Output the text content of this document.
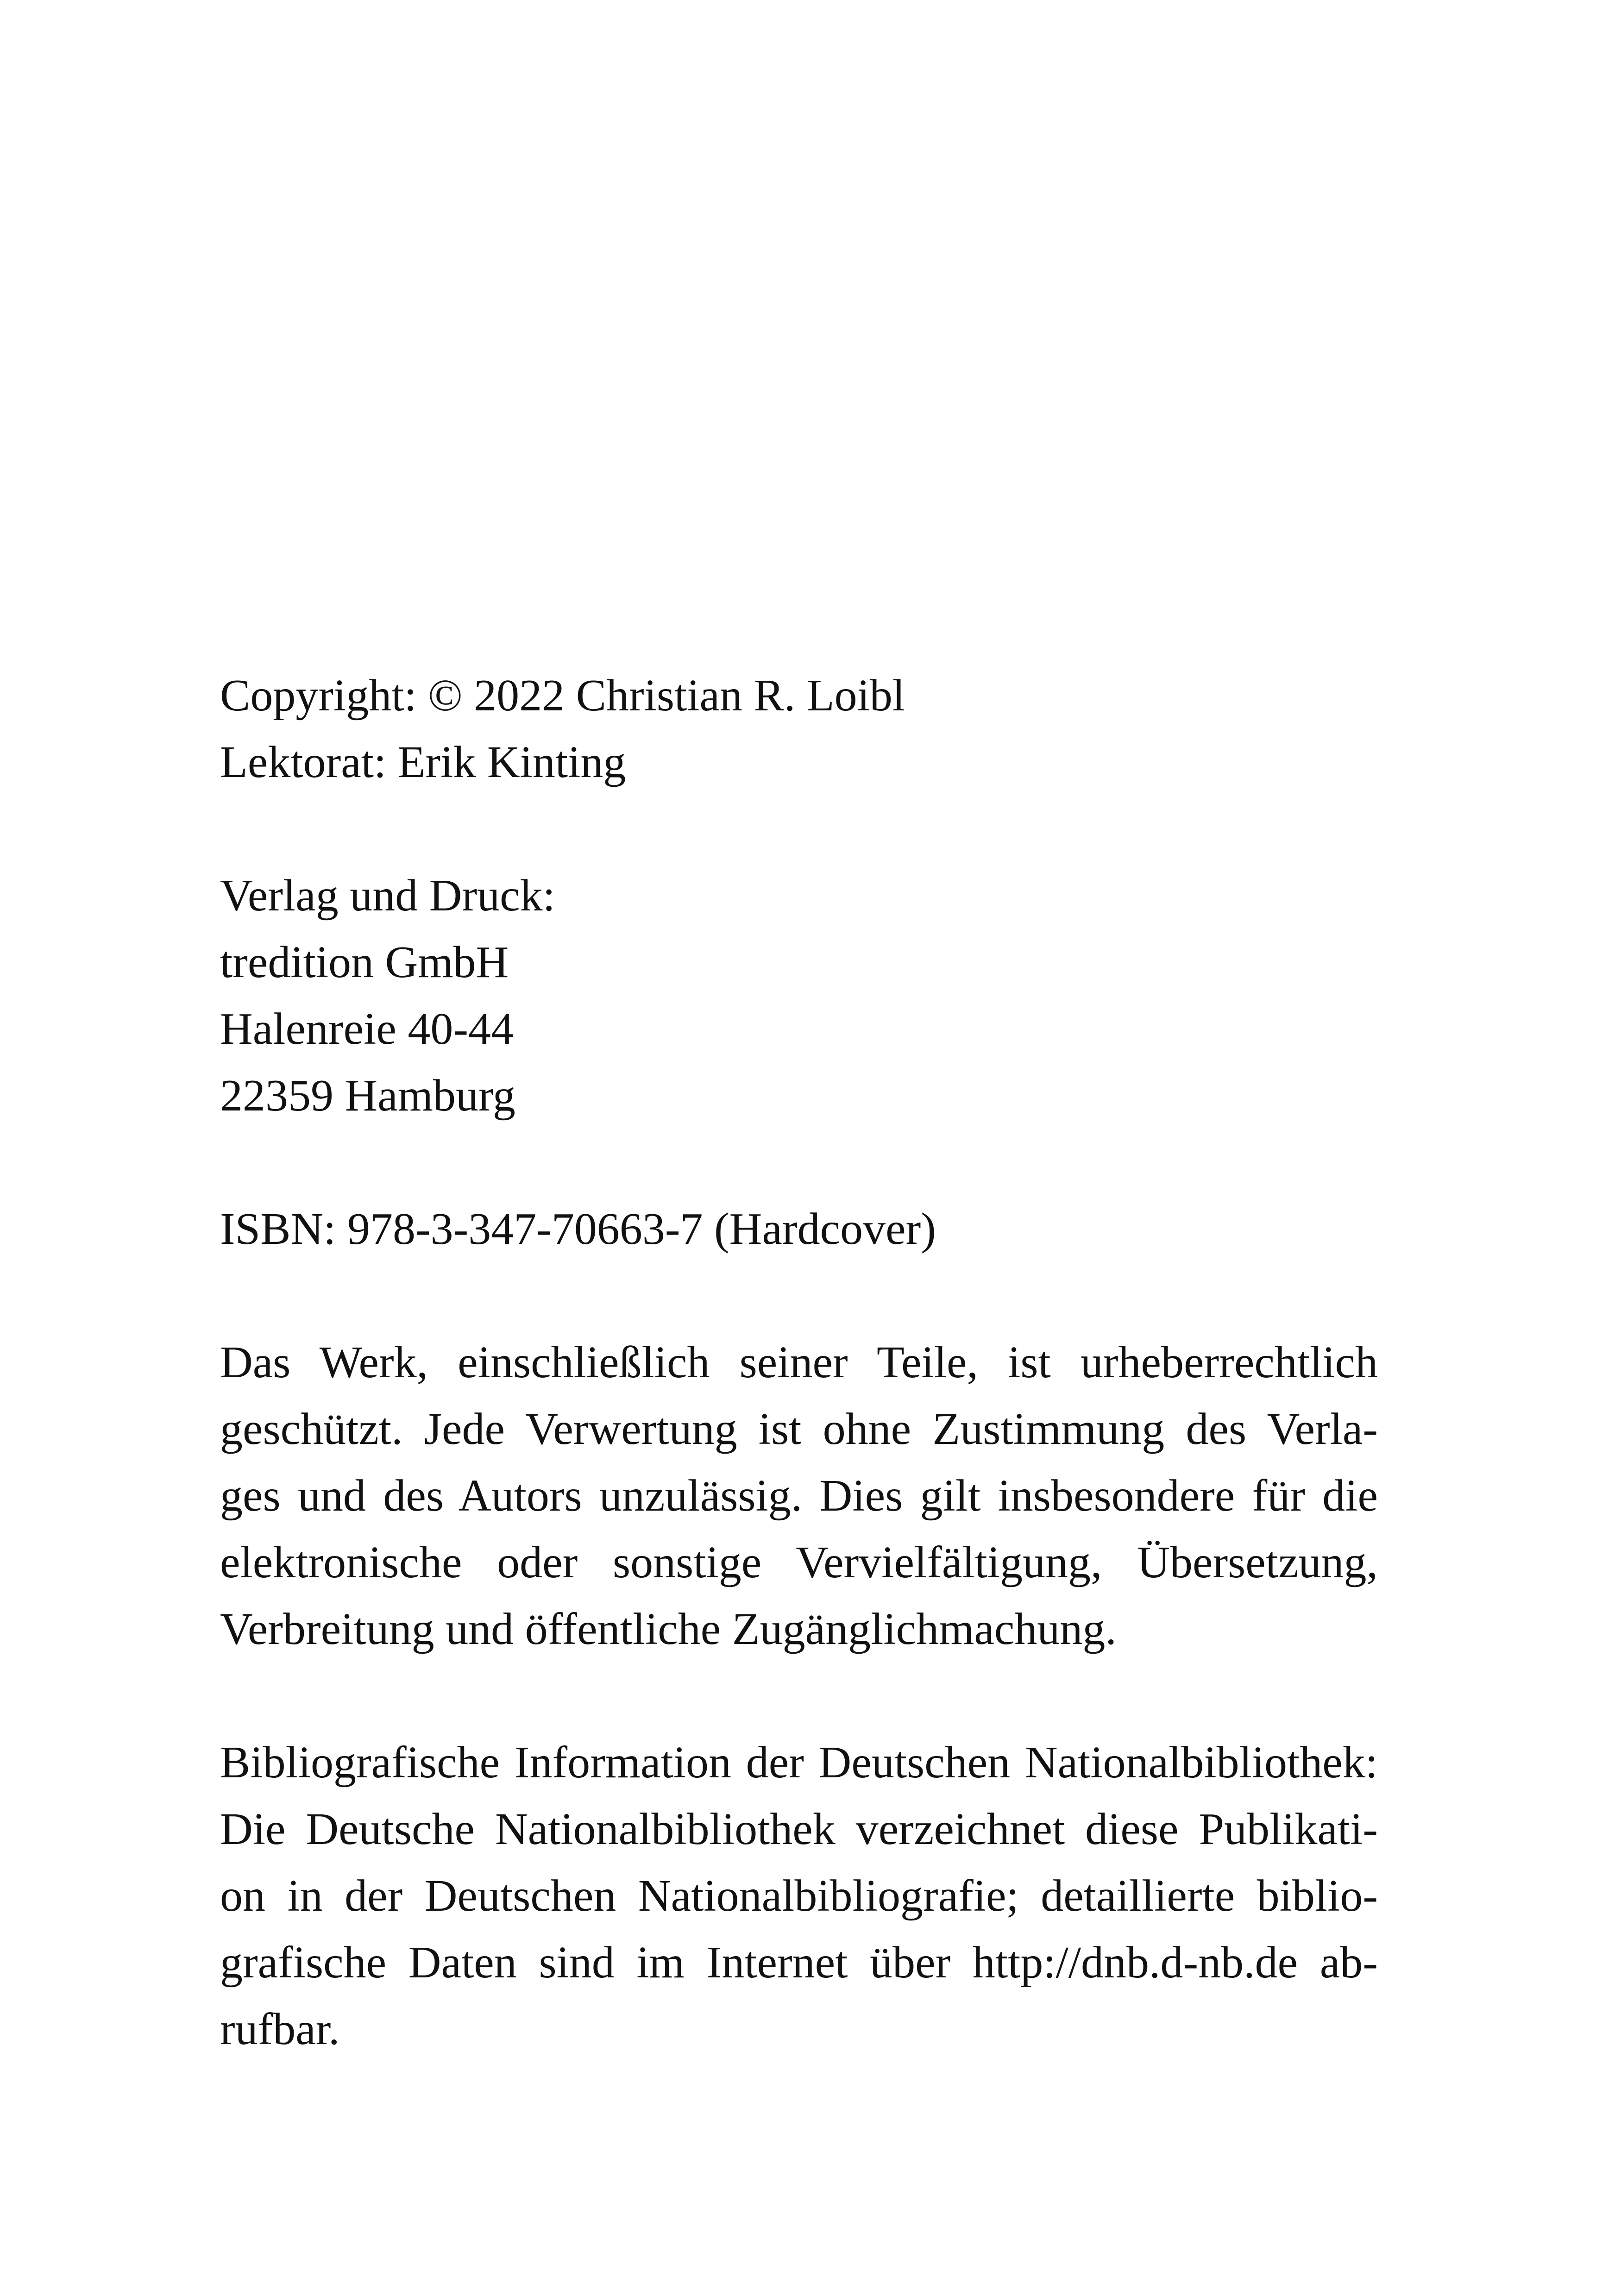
Copyright: © 2022 Christian R. Loibl
Lektorat: Erik Kinting
Verlag und Druck:
tredition GmbH
Halenreie 40-44
22359 Hamburg
ISBN: 978-3-347-70663-7 (Hardcover)
Das Werk, einschließlich seiner Teile, ist urheberrechtlich
geschützt. Jede Verwertung ist ohne Zustimmung des Verla-
ges und des Autors unzulässig. Dies gilt insbesondere für die
elektronische oder sonstige Vervielfältigung, Übersetzung,
Verbreitung und öffentliche Zugänglichmachung.
Bibliografische Information der Deutschen Nationalbibliothek:
Die Deutsche Nationalbibliothek verzeichnet diese Publikati-
on in der Deutschen Nationalbibliografie; detaillierte biblio-
grafische Daten sind im Internet über http://dnb.d-nb.de ab-
rufbar.
